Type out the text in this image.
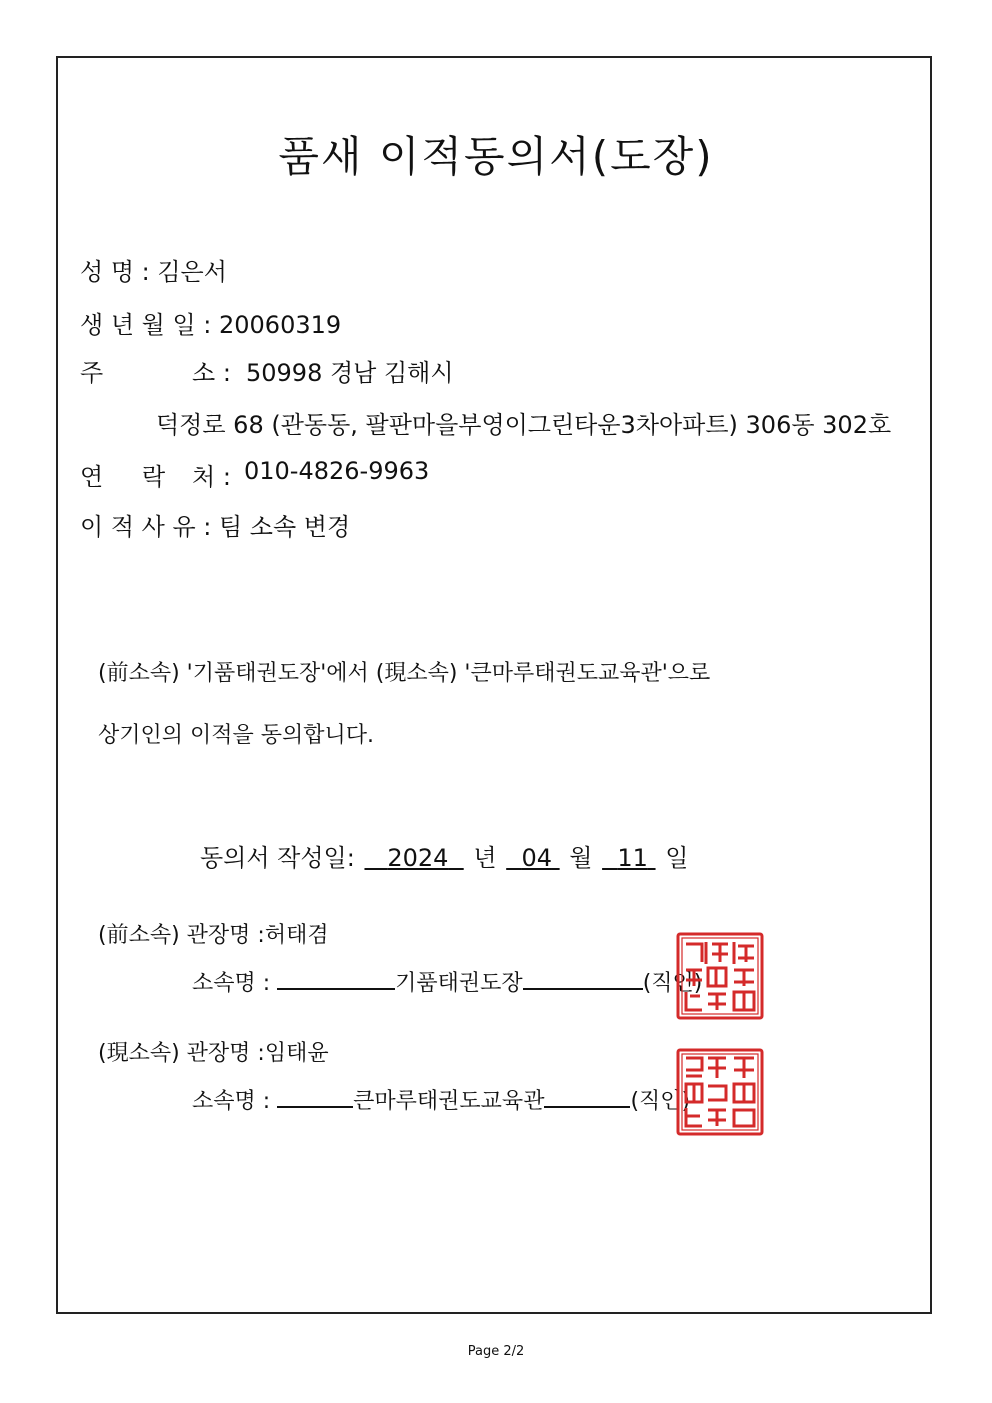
품새 이적동의서(도장)
성 명 : 김은서
생 년 월 일 : 20060319
주	소 : 50998 경남 김해시
덕정로 68 (관동동, 팔판마을부영이그린타운3차아파트) 306동 302호
연 락 처 : 010-4826-9963
이 적 사 유 : 팀 소속 변경
(前소속) '기품태권도장'에서 (現소속) '큰마루태권도교육관'으로
상기인의 이적을 동의합니다.
동의서 작성일: 2024 년 04 월 11 일
(前소속) 관장명 :허태겸
소속명 :	기품태권도장	(직인)
(現소속) 관장명 :임태윤
소속명 :	큰마루태권도교육관	(직인)
Page 2/2
